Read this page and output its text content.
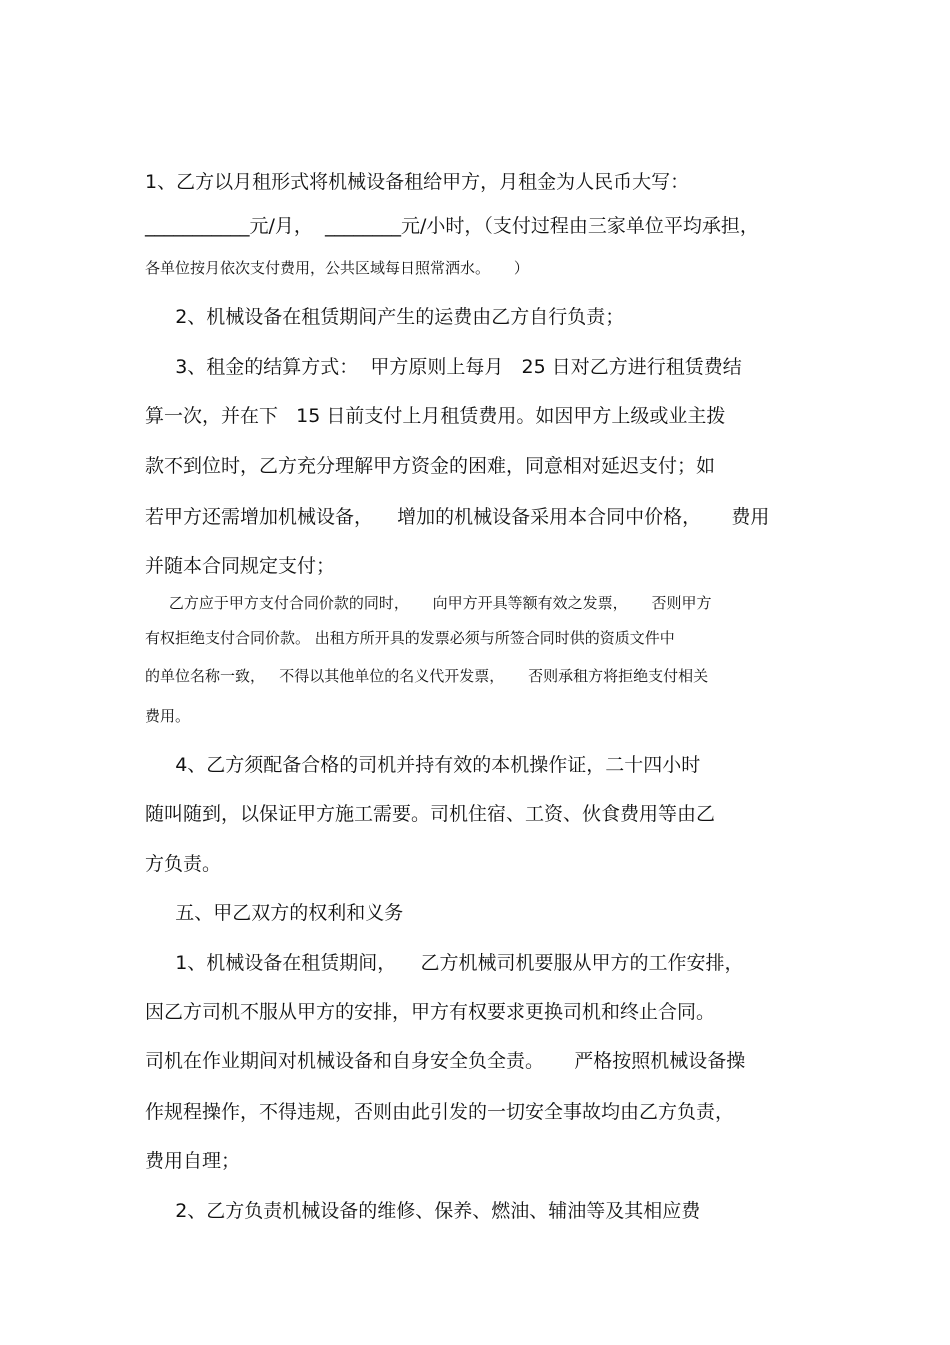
1、乙方以月租形式将机械设备租给甲方，月租金为人民币大写：
___________元/月，  ________元/小时，（支付过程由三家单位平均承担，
各单位按月依次支付费用，公共区域每日照常洒水。     ）
2、机械设备在租赁期间产生的运费由乙方自行负责；
3、租金的结算方式：  甲方原则上每月   25 日对乙方进行租赁费结
算一次，并在下   15 日前支付上月租赁费用。如因甲方上级或业主拨
款不到位时，乙方充分理解甲方资金的困难，同意相对延迟支付；如
若甲方还需增加机械设备，    增加的机械设备采用本合同中价格，     费用
并随本合同规定支付；
乙方应于甲方支付合同价款的同时，     向甲方开具等额有效之发票，     否则甲方
有权拒绝支付合同价款。 出租方所开具的发票必须与所签合同时供的资质文件中
的单位名称一致，   不得以其他单位的名义代开发票，     否则承租方将拒绝支付相关
费用。
4、乙方须配备合格的司机并持有效的本机操作证，二十四小时
随叫随到，以保证甲方施工需要。司机住宿、工资、伙食费用等由乙
方负责。
五、甲乙双方的权利和义务
1、机械设备在租赁期间，    乙方机械司机要服从甲方的工作安排，
因乙方司机不服从甲方的安排，甲方有权要求更换司机和终止合同。
司机在作业期间对机械设备和自身安全负全责。     严格按照机械设备操
作规程操作，不得违规，否则由此引发的一切安全事故均由乙方负责，
费用自理；
2、乙方负责机械设备的维修、保养、燃油、辅油等及其相应费
